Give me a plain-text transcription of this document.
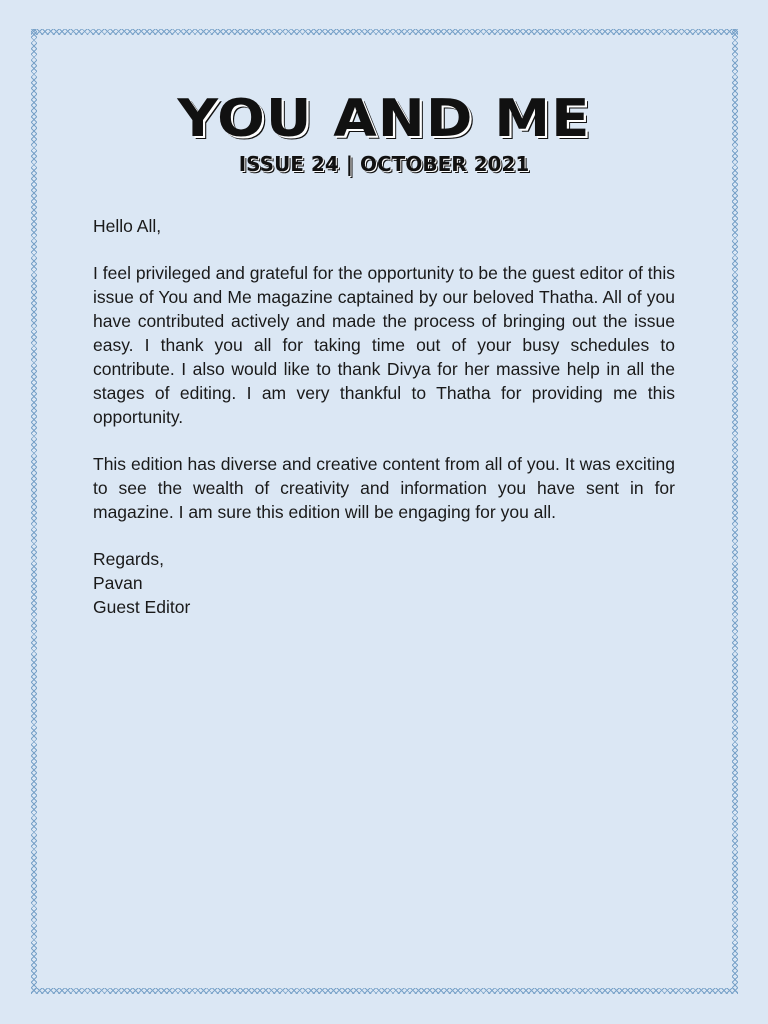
YOU AND ME
ISSUE 24 | OCTOBER 2021

Hello All,

I feel privileged and grateful for the opportunity to be the guest editor of this issue of You and Me magazine captained by our beloved Thatha. All of you have contributed actively and made the process of bringing out the issue easy. I thank you all for taking time out of your busy schedules to contribute. I also would like to thank Divya for her massive help in all the stages of editing. I am very thankful to Thatha for providing me this opportunity.

This edition has diverse and creative content from all of you. It was exciting to see the wealth of creativity and information you have sent in for magazine. I am sure this edition will be engaging for you all.

Regards,
Pavan
Guest Editor
